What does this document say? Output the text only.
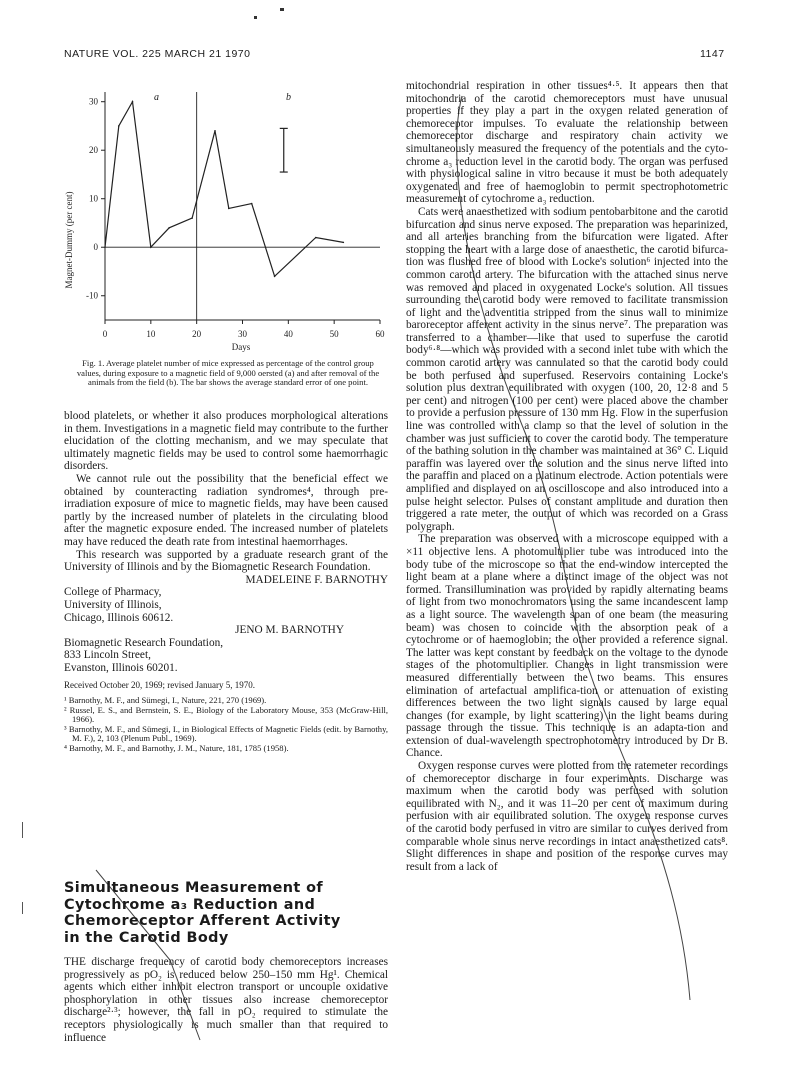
NATURE VOL. 225 MARCH 21 1970	1147
0	10	20	30	40	50	60
30
20
10
0
-10
a	b
Days
Magnet-Dummy (per cent)
Fig. 1. Average platelet number of mice expressed as percentage of the control group values, during exposure to a magnetic field of 9,000 oersted (a) and after removal of the animals from the field (b). The bar shows the average standard error of one point.

blood platelets, or whether it also produces morphological alterations in them. Investigations in a magnetic field may contribute to the further elucidation of the clotting mechanism, and we may speculate that ultimately magnetic fields may be used to control some haemorrhagic disorders.

We cannot rule out the possibility that the beneficial effect we obtained by counteracting radiation syndromes⁴, through pre-irradiation exposure of mice to magnetic fields, may have been caused partly by the increased number of platelets in the circulating blood after the magnetic exposure ended. The increased number of platelets may have reduced the death rate from intestinal haemorrhages.

This research was supported by a graduate research grant of the University of Illinois and by the Biomagnetic Research Foundation.

MADELEINE F. BARNOTHY

College of Pharmacy,

University of Illinois,

Chicago, Illinois 60612.

JENO M. BARNOTHY

Biomagnetic Research Foundation,

833 Lincoln Street,

Evanston, Illinois 60201.

Received October 20, 1969; revised January 5, 1970.

¹ Barnothy, M. F., and Sümegi, I., Nature, 221, 270 (1969).

² Russel, E. S., and Bernstein, S. E., Biology of the Laboratory Mouse, 353 (McGraw-Hill, 1966).

³ Barnothy, M. F., and Sümegi, I., in Biological Effects of Magnetic Fields (edit. by Barnothy, M. F.), 2, 103 (Plenum Publ., 1969).

⁴ Barnothy, M. F., and Barnothy, J. M., Nature, 181, 1785 (1958).

Simultaneous Measurement of
Cytochrome a₃ Reduction and
Chemoreceptor Afferent Activity
in the Carotid Body

THE discharge frequency of carotid body chemoreceptors increases progressively as pO₂ is reduced below 250–150 mm Hg¹. Chemical agents which either inhibit electron transport or uncouple oxidative phosphorylation in other tissues also increase chemoreceptor discharge²·³; however, the fall in pO₂ required to stimulate the receptors physiologically is much smaller than that required to influence

mitochondrial respiration in other tissues⁴·⁵. It appears then that mitochondria of the carotid chemoreceptors must have unusual properties if they play a part in the oxygen related generation of chemoreceptor impulses. To evaluate the relationship between chemoreceptor discharge and respiratory chain activity we simultaneously measured the frequency of the potentials and the cyto-chrome a₃ reduction level in the carotid body. The organ was perfused with physiological saline in vitro because it must be both adequately oxygenated and free of haemoglobin to permit spectrophotometric measurement of cytochrome a₃ reduction.

Cats were anaesthetized with sodium pentobarbitone and the carotid bifurcation and sinus nerve exposed. The preparation was heparinized, and all arteries branching from the bifurcation were ligated. After stopping the heart with a large dose of anaesthetic, the carotid bifurca-tion was flushed free of blood with Locke's solution⁶ injected into the common carotid artery. The bifurcation with the attached sinus nerve was removed and placed in oxygenated Locke's solution. All tissues surrounding the carotid body were removed to facilitate transmission of light and the adventitia stripped from the sinus wall to minimize baroreceptor afferent activity in the sinus nerve⁷. The preparation was transferred to a chamber—like that used to superfuse the carotid body⁶·⁸—which was provided with a second inlet tube with which the common carotid artery was cannulated so that the carotid body could be both perfused and superfused. Reservoirs containing Locke's solution plus dextran equilibrated with oxygen (100, 20, 12·8 and 5 per cent) and nitrogen (100 per cent) were placed above the chamber to provide a perfusion pressure of 130 mm Hg. Flow in the superfusion line was controlled with a clamp so that the level of solution in the chamber was just sufficient to cover the carotid body. The temperature of the bathing solution in the chamber was maintained at 36° C. Liquid paraffin was layered over the solution and the sinus nerve lifted into the paraffin and placed on a platinum electrode. Action potentials were amplified and displayed on an oscilloscope and also introduced into a pulse height selector. Pulses of constant amplitude and duration then triggered a rate meter, the output of which was recorded on a Grass polygraph.

The preparation was observed with a microscope equipped with a ×11 objective lens. A photomultiplier tube was introduced into the body tube of the microscope so that the end-window intercepted the light beam at a plane where a distinct image of the object was not formed. Transillumination was provided by rapidly alternating beams of light from two monochromators using the same incandescent lamp as a light source. The wavelength span of one beam (the measuring beam) was chosen to coincide with the absorption peak of a cytochrome or of haemoglobin; the other provided a reference signal. The latter was kept constant by feedback on the voltage to the dynode stages of the photomultiplier. Changes in light transmission were measured differentially between the two beams. This ensures elimination of artefactual amplifica-tion or attenuation of existing differences between the two light signals caused by large equal changes (for example, by light scattering) in the light beams during passage through the tissue. This technique is an adapta-tion and extension of dual-wavelength spectrophotometry introduced by Dr B. Chance.

Oxygen response curves were plotted from the ratemeter recordings of chemoreceptor discharge in four experiments. Discharge was maximum when the carotid body was perfused with solution equilibrated with N₂, and it was 11–20 per cent of maximum during perfusion with air equilibrated solution. The oxygen response curves of the carotid body perfused in vitro are similar to curves derived from comparable whole sinus nerve recordings in intact anaesthetized cats⁸. Slight differences in shape and position of the response curves may result from a lack of
